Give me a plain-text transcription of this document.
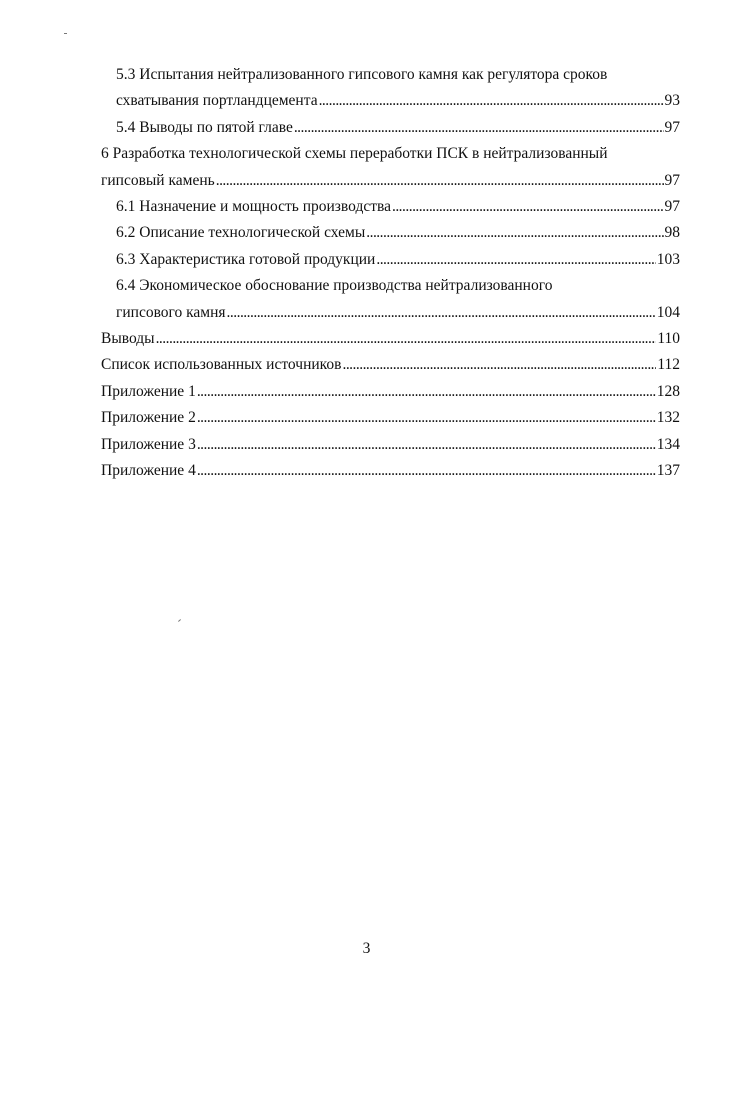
5.3 Испытания нейтрализованного гипсового камня как регулятора сроков
схватывания портландцемента . . .	93
5.4 Выводы по пятой главе . . .	97
6 Разработка технологической схемы переработки ПСК в нейтрализованный
гипсовый камень . . .	97
6.1 Назначение и мощность производства . . .	97
6.2 Описание технологической схемы . . .	98
6.3 Характеристика готовой продукции . . .	103
6.4 Экономическое обоснование производства нейтрализованного
гипсового камня . . .	104
Выводы . . .	110
Список использованных источников . . .	112
Приложение 1 . . .	128
Приложение 2 . . .	132
Приложение 3 . . .	134
Приложение 4 . . .	137
3
